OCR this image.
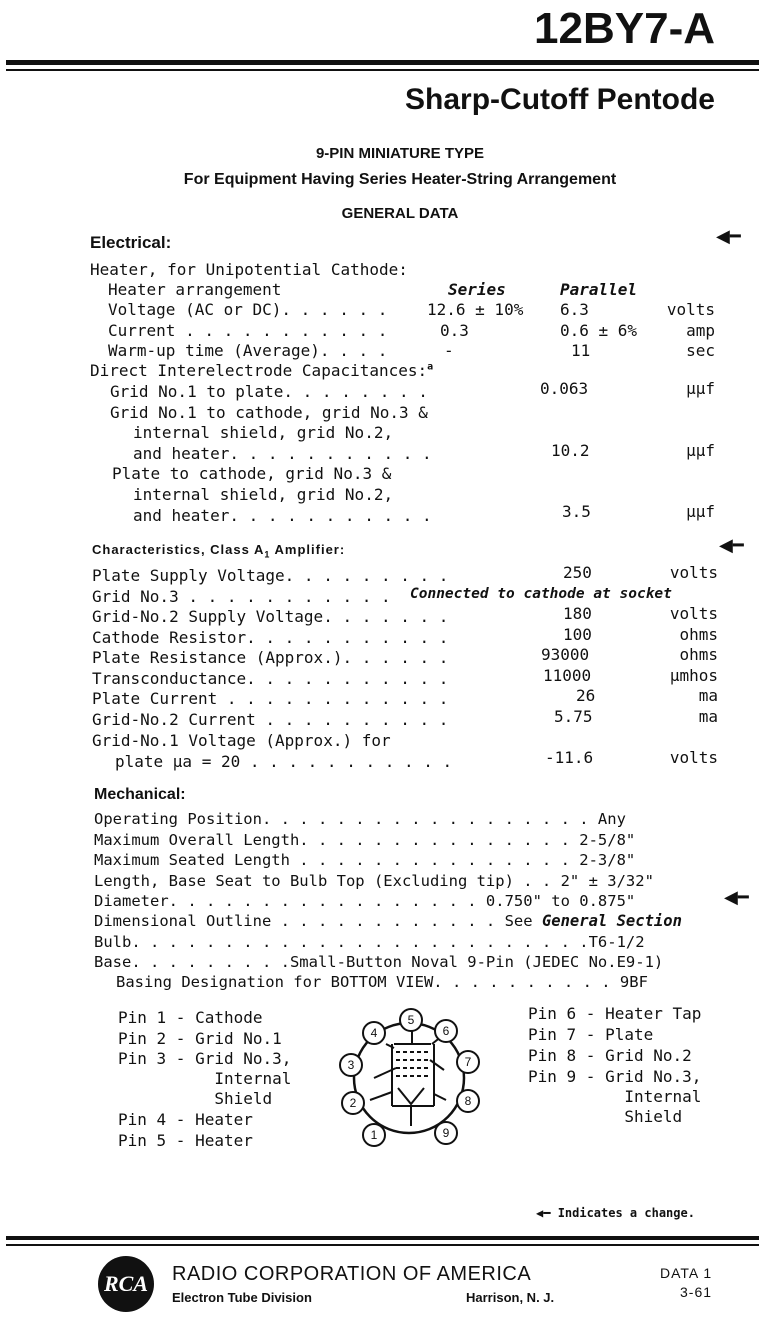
12BY7-A
Sharp-Cutoff Pentode
9-PIN MINIATURE TYPE
For Equipment Having Series Heater-String Arrangement
GENERAL DATA
Electrical:	◀━
Heater, for Unipotential Cathode:
Heater arrangement	Series	Parallel
Voltage (AC or DC). . . . . . 12.6 ± 10% 6.3	volts
Current . . . . . . . . . . .	0.3	0.6 ± 6%	amp
Warm-up time (Average). . . .	-	11	sec
Direct Interelectrode Capacitances:$^a$
Grid No.1 to plate. . . . . . . .	0.063	µµf
Grid No.1 to cathode, grid No.3 &
internal shield, grid No.2,
and heater. . . . . . . . . . .	10.2	µµf
Plate to cathode, grid No.3 &
internal shield, grid No.2,
and heater. . . . . . . . . . .	3.5	µµf
Characteristics, Class $A_1$ Amplifier:	◀━
Plate Supply Voltage. . . . . . . . .	250	volts
Grid No.3 . . . . . . . . . . . Connected to cathode at socket
Grid-No.2 Supply Voltage. . . . . . .	180	volts
Cathode Resistor. . . . . . . . . . .	100	ohms
Plate Resistance (Approx.). . . . . .	93000	ohms
Transconductance. . . . . . . . . . .	11000	µmhos
Plate Current . . . . . . . . . . . .	26	ma
Grid-No.2 Current . . . . . . . . . .	5.75	ma
Grid-No.1 Voltage (Approx.) for
plate µa = 20 . . . . . . . . . . .	-11.6	volts
Mechanical:
Operating Position. . . . . . . . . . . . . . . . . . Any
Maximum Overall Length. . . . . . . . . . . . . . . 2-5/8"
Maximum Seated Length . . . . . . . . . . . . . . . 2-3/8"
Length, Base Seat to Bulb Top (Excluding tip) . . 2" ± 3/32"
Diameter. . . . . . . . . . . . . . . . . 0.750" to 0.875"	◀━
Dimensional Outline . . . . . . . . . . . . See General Section
Bulb. . . . . . . . . . . . . . . . . . . . . . . . .T6-1/2
Base. . . . . . . . .Small-Button Noval 9-Pin (JEDEC No.E9-1)
Basing Designation for BOTTOM VIEW. . . . . . . . . . 9BF
Pin 1 - Cathode
Pin 2 - Grid No.1
Pin 3 - Grid No.3,
Internal
Shield
Pin 4 - Heater
Pin 5 - Heater
Pin 6 - Heater Tap
Pin 7 - Plate
Pin 8 - Grid No.2
Pin 9 - Grid No.3,
Internal
Shield
1
2
3
4
5
6
7
8
9
◀━ Indicates a change.

RCA RADIO CORPORATION OF AMERICA
Electron Tube Division	Harrison, N. J.
DATA 1
3-61
